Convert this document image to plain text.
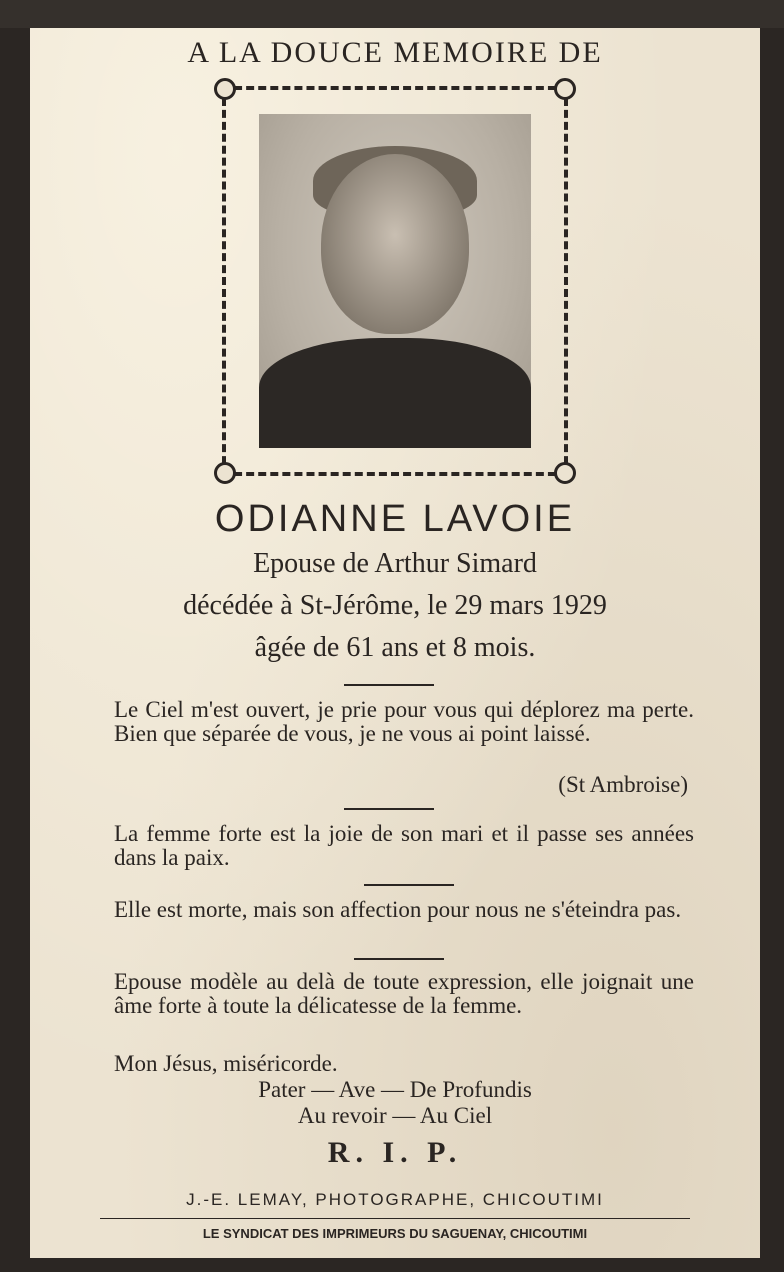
A LA DOUCE MEMOIRE DE
ODIANNE LAVOIE
Epouse de Arthur Simard
décédée à St-Jérôme, le 29 mars 1929
âgée de 61 ans et 8 mois.
Le Ciel m'est ouvert, je prie pour vous qui déplorez ma perte. Bien que séparée de vous, je ne vous ai point laissé.
(St Ambroise)
La femme forte est la joie de son mari et il passe ses années dans la paix.
Elle est morte, mais son affection pour nous ne s'éteindra pas.
Epouse modèle au delà de toute expression, elle joignait une âme forte à toute la délicatesse de la femme.
Mon Jésus, miséricorde.
Pater — Ave — De Profundis
Au revoir — Au Ciel
R. I. P.
J.-E. LEMAY, PHOTOGRAPHE, CHICOUTIMI
LE SYNDICAT DES IMPRIMEURS DU SAGUENAY, CHICOUTIMI
